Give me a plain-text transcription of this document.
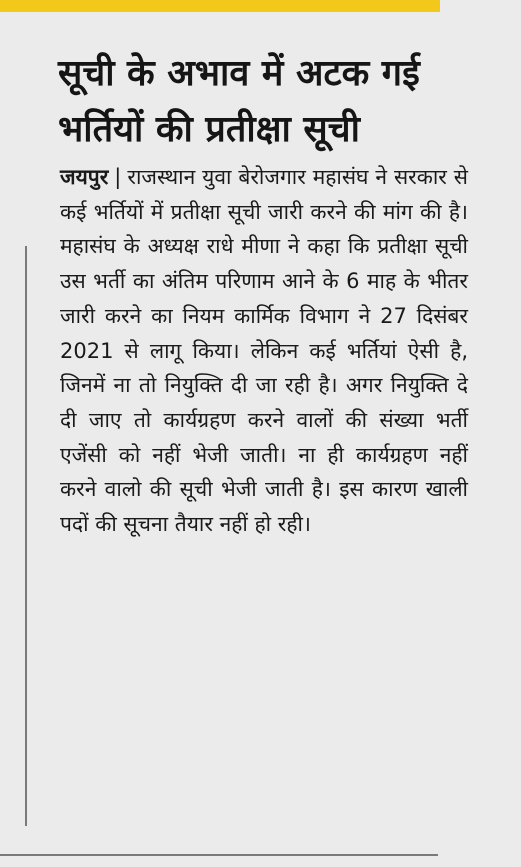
सूची के अभाव में अटक गई
भर्तियों की प्रतीक्षा सूची

जयपुर | राजस्थान युवा बेरोजगार महासंघ ने सरकार से कई भर्तियों में प्रतीक्षा सूची जारी करने की मांग की है। महासंघ के अध्यक्ष राधे मीणा ने कहा कि प्रतीक्षा सूची उस भर्ती का अंतिम परिणाम आने के 6 माह के भीतर जारी करने का नियम कार्मिक विभाग ने 27 दिसंबर 2021 से लागू किया। लेकिन कई भर्तियां ऐसी है, जिनमें ना तो नियुक्ति दी जा रही है। अगर नियुक्ति दे दी जाए तो कार्यग्रहण करने वालों की संख्या भर्ती एजेंसी को नहीं भेजी जाती। ना ही कार्यग्रहण नहीं करने वालो की सूची भेजी जाती है। इस कारण खाली पदों की सूचना तैयार नहीं हो रही।
